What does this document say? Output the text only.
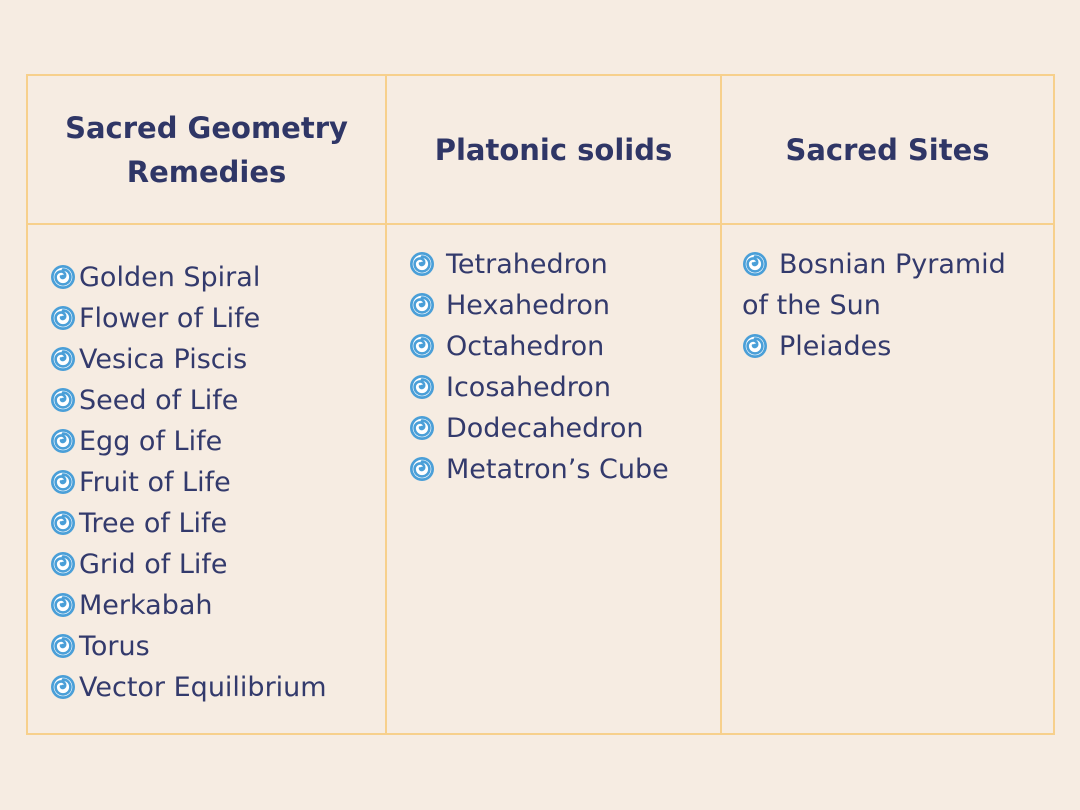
Sacred Geometry Remedies
Platonic solids	Sacred Sites
Golden Spiral
Flower of Life
Vesica Piscis
Seed of Life
Egg of Life
Fruit of Life
Tree of Life
Grid of Life
Merkabah
Torus
Vector Equilibrium
Tetrahedron
Hexahedron
Octahedron
Icosahedron
Dodecahedron
Metatron’s Cube
Bosnian Pyramid
of the Sun
Pleiades
